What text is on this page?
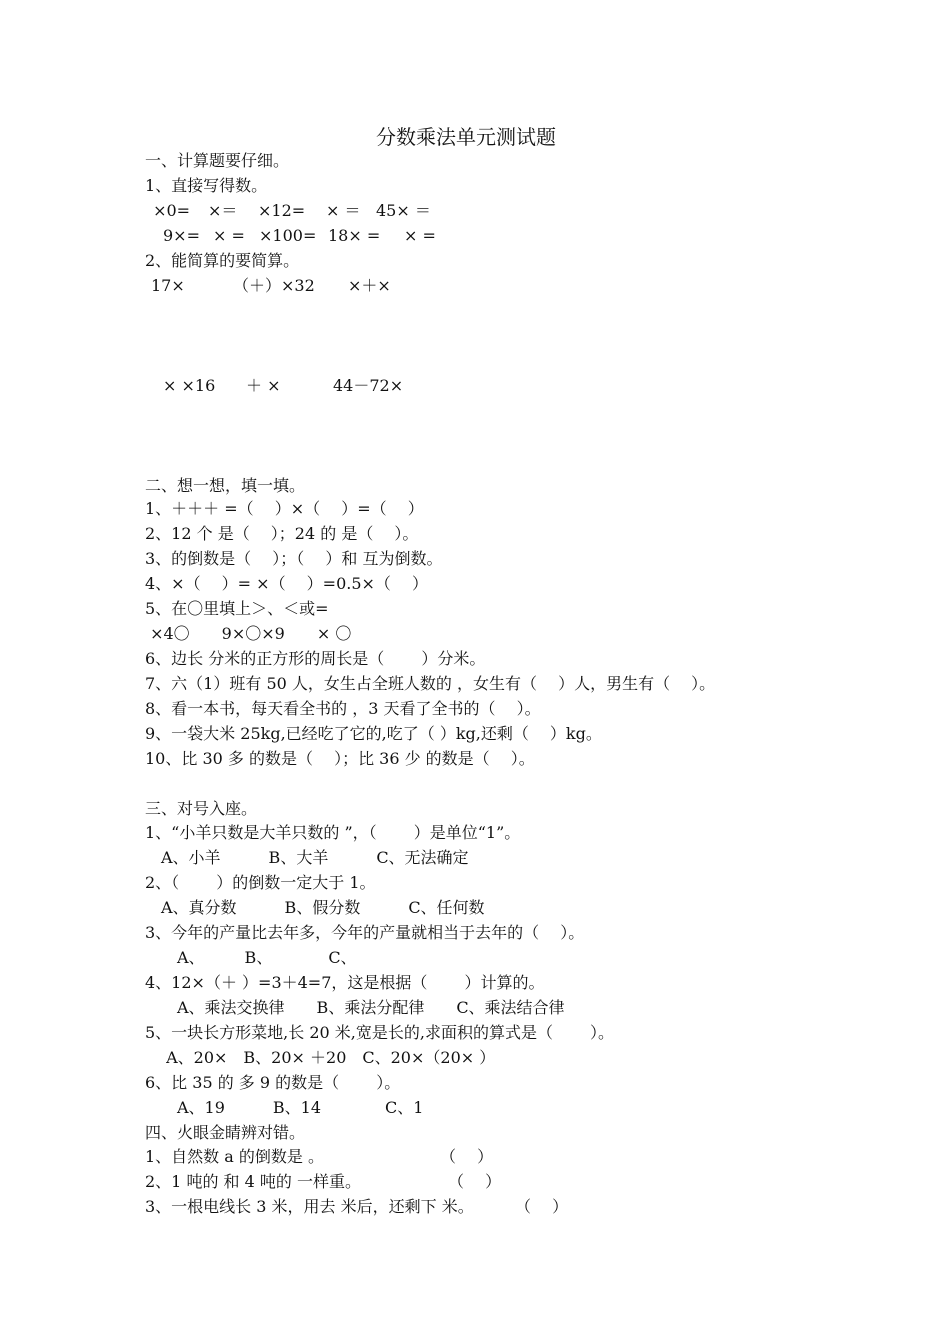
分数乘法单元测试题
一、计算题要仔细。
1、直接写得数。
×0= ×＝ ×12= × ＝ 45× ＝
9×= × = ×100= 18× = × =
2、能简算的要简算。
17×	（＋）×32 ×＋×
× ×16 ＋ ×	44－72×
二、想一想，填一填。
1、＋＋＋ =（　 ）×（　 ）=（　 ）
2、12 个 是（　 ）；24 的 是（　 ）。
3、的倒数是（　 ）；（　 ）和 互为倒数。
4、×（　 ）= ×（　 ）=0.5×（　 ）
5、在〇里填上＞、＜或=
×4〇　　9×〇×9　　× 〇
6、边长 分米的正方形的周长是（　 　）分米。
7、六（1）班有 50 人，女生占全班人数的 ，女生有（　 ）人，男生有（　 ）。
8、看一本书，每天看全书的 ，3 天看了全书的（　 ）。
9、一袋大米 25kg,已经吃了它的,吃了（ ）kg,还剩（　 ）kg。
10、比 30 多 的数是（　 ）；比 36 少 的数是（　 ）。
三、对号入座。
1、“小羊只数是大羊只数的 ”，（　 　）是单位“1”。
　A、小羊　　　B、大羊　　　C、无法确定
2、（　 　）的倒数一定大于 1。
　A、真分数　　　B、假分数　　　C、任何数
3、今年的产量比去年多，今年的产量就相当于去年的（　 ）。
　　A、　　　B、　　　　C、
4、12×（＋ ）=3＋4=7，这是根据（　 　）计算的。
　　A、乘法交换律　　B、乘法分配律　　C、乘法结合律
5、一块长方形菜地,长 20 米,宽是长的,求面积的算式是（　 　）。
　 A、20×　B、20× ＋20　C、20×（20× ）
6、比 35 的 多 9 的数是（　 　）。
　　A、19　　　B、14　　　　C、1
四、火眼金睛辨对错。
1、自然数 a 的倒数是 。	（　 ）
2、1 吨的 和 4 吨的 一样重。	（　 ）
3、一根电线长 3 米，用去 米后，还剩下 米。	（　 ）
